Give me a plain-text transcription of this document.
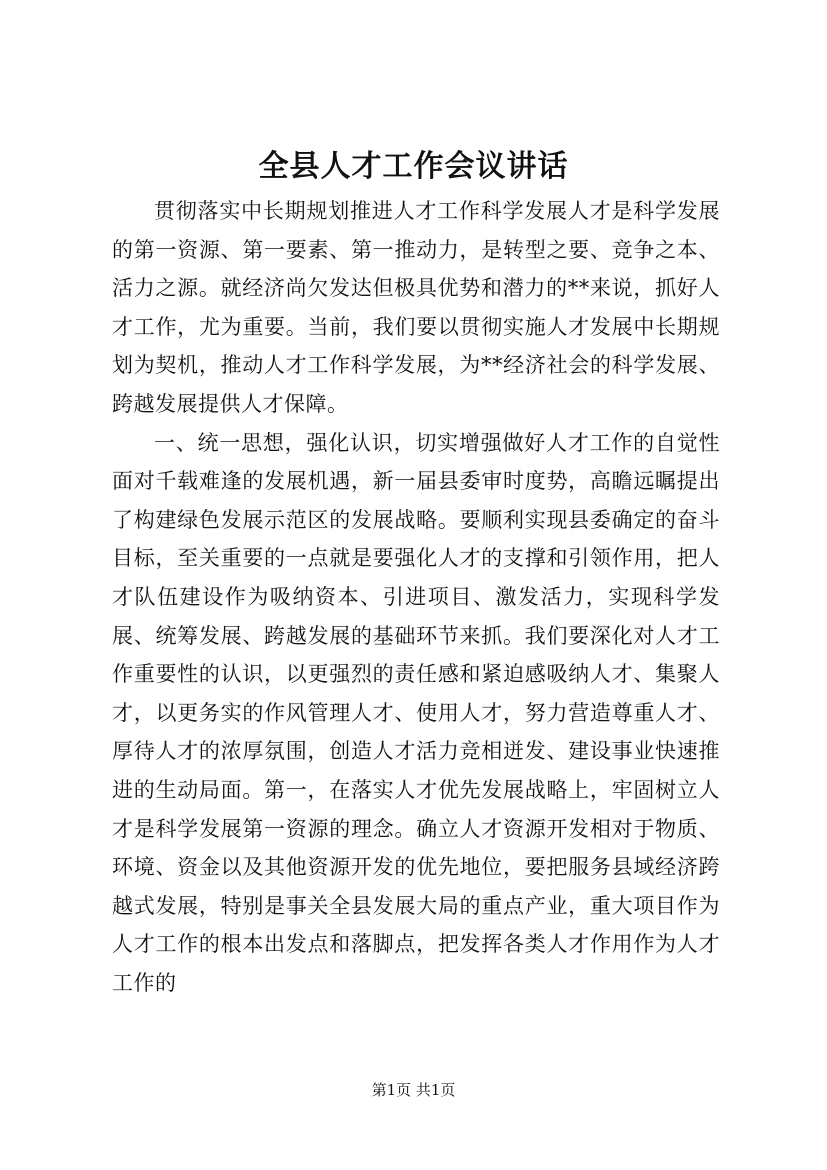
全县人才工作会议讲话

贯彻落实中长期规划推进人才工作科学发展人才是科学发展的第一资源、第一要素、第一推动力，是转型之要、竞争之本、活力之源。就经济尚欠发达但极具优势和潜力的**来说，抓好人才工作，尤为重要。当前，我们要以贯彻实施人才发展中长期规划为契机，推动人才工作科学发展，为**经济社会的科学发展、跨越发展提供人才保障。

一、统一思想，强化认识，切实增强做好人才工作的自觉性面对千载难逢的发展机遇，新一届县委审时度势，高瞻远瞩提出了构建绿色发展示范区的发展战略。要顺利实现县委确定的奋斗目标，至关重要的一点就是要强化人才的支撑和引领作用，把人才队伍建设作为吸纳资本、引进项目、激发活力，实现科学发展、统筹发展、跨越发展的基础环节来抓。我们要深化对人才工作重要性的认识，以更强烈的责任感和紧迫感吸纳人才、集聚人才，以更务实的作风管理人才、使用人才，努力营造尊重人才、厚待人才的浓厚氛围，创造人才活力竞相迸发、建设事业快速推进的生动局面。第一，在落实人才优先发展战略上，牢固树立人才是科学发展第一资源的理念。确立人才资源开发相对于物质、环境、资金以及其他资源开发的优先地位，要把服务县域经济跨越式发展，特别是事关全县发展大局的重点产业，重大项目作为人才工作的根本出发点和落脚点，把发挥各类人才作用作为人才工作的

第1页 共1页
